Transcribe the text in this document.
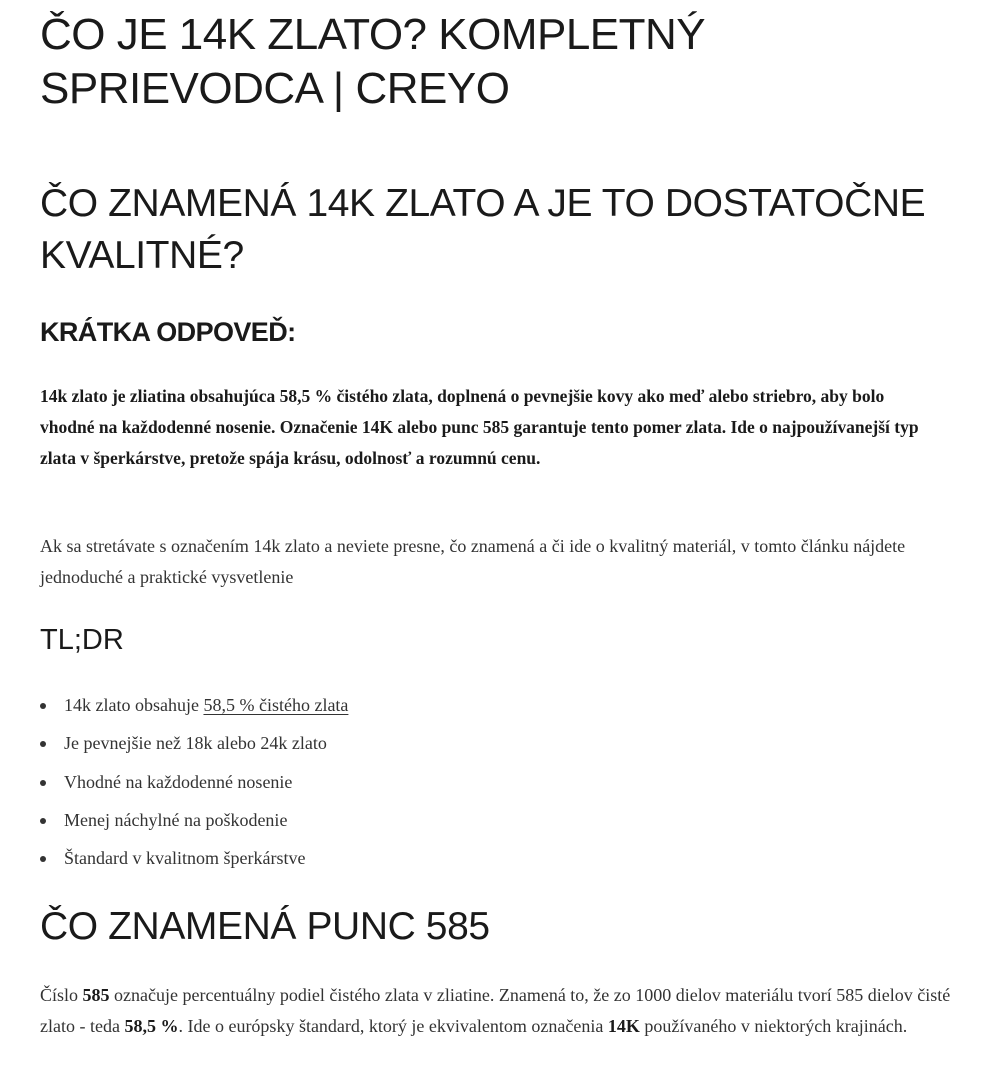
ČO JE 14K ZLATO? KOMPLETNÝ SPRIEVODCA | CREYO
ČO ZNAMENÁ 14K ZLATO A JE TO DOSTATOČNE KVALITNÉ?
KRÁTKA ODPOVEĎ:

14k zlato je zliatina obsahujúca 58,5 % čistého zlata, doplnená o pevnejšie kovy ako meď alebo striebro, aby bolo vhodné na každodenné nosenie. Označenie 14K alebo punc 585 garantuje tento pomer zlata. Ide o najpoužívanejší typ zlata v šperkárstve, pretože spája krásu, odolnosť a rozumnú cenu.

Ak sa stretávate s označením 14k zlato a neviete presne, čo znamená a či ide o kvalitný materiál, v tomto článku nájdete jednoduché a praktické vysvetlenie

TL;DR
14k zlato obsahuje 58,5 % čistého zlata
Je pevnejšie než 18k alebo 24k zlato
Vhodné na každodenné nosenie
Menej náchylné na poškodenie
Štandard v kvalitnom šperkárstve
ČO ZNAMENÁ PUNC 585

Číslo 585 označuje percentuálny podiel čistého zlata v zliatine. Znamená to, že zo 1000 dielov materiálu tvorí 585 dielov čisté zlato - teda 58,5 %. Ide o európsky štandard, ktorý je ekvivalentom označenia 14K používaného v niektorých krajinách.
